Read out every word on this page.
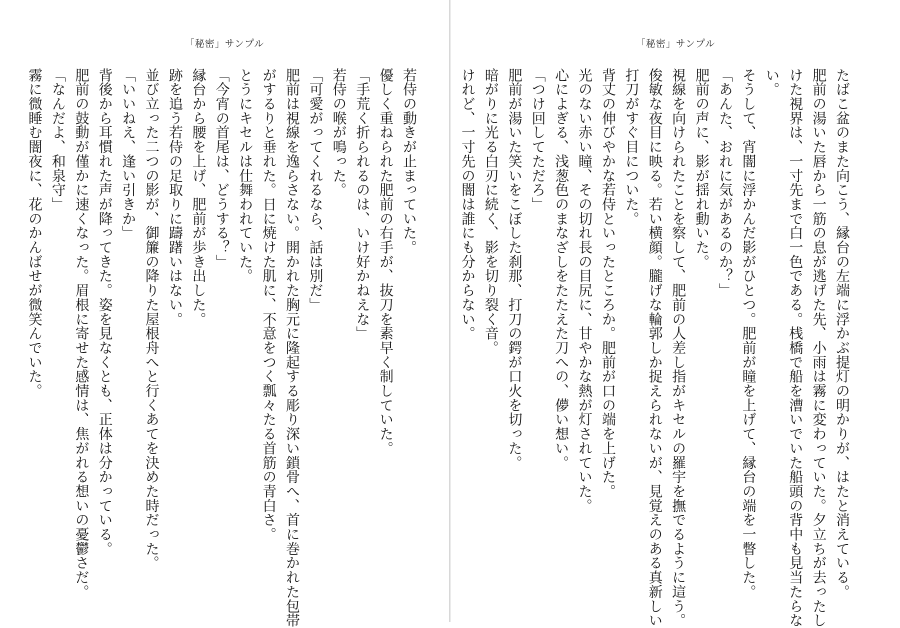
「秘密」サンプル
若侍の動きが止まっていた。
優しく重ねられた肥前の右手が、抜刀を素早く制していた。
「手荒く折られるのは、いけ好かねえな」
若侍の喉が鳴った。
「可愛がってくれるなら、話は別だ」
肥前は視線を逸らさない。開かれた胸元に隆起する彫り深い鎖骨へ、首に巻かれた包帯
がするりと垂れた。日に焼けた肌に、不意をつく瓢々たる首筋の青白さ。
とうにキセルは仕舞われていた。
「今宵の首尾は、どうする？」
縁台から腰を上げ、肥前が歩き出した。
跡を追う若侍の足取りに躊躇いはない。
並び立った二つの影が、御簾の降りた屋根舟へと行くあてを決めた時だった。
「いいねえ、逢い引きか」
背後から耳慣れた声が降ってきた。姿を見なくとも、正体は分かっている。
肥前の鼓動が僅かに速くなった。眉根に寄せた感情は、焦がれる想いの憂鬱さだ。
「なんだよ、和泉守」
霧に微睡む闇夜に、花のかんばせが微笑んでいた。
「秘密」サンプル
たばこ盆のまた向こう、縁台の左端に浮かぶ提灯の明かりが、はたと消えている。
肥前の湯いた唇から一筋の息が逃げた先、小雨は霧に変わっていた。夕立ちが去ったし
けた視界は、一寸先まで白一色である。桟橋で船を漕いでいた船頭の背中も見当たらな
い。
そうして、宵闇に浮かんだ影がひとつ。肥前が瞳を上げて、縁台の端を一瞥した。
「あんた、おれに気があるのか？」
肥前の声に、影が揺れ動いた。
視線を向けられたことを察して、肥前の人差し指がキセルの羅宇を撫でるように這う。
俊敏な夜目に映る。若い横顔。朧げな輪郭しか捉えられないが、見覚えのある真新しい
打刀がすぐ目についた。
背丈の伸びやかな若侍といったところか。肥前が口の端を上げた。
光のない赤い瞳、その切れ長の目尻に、甘やかな熱が灯されていた。
心によぎる、浅葱色のまなざしをたたえた刀への、儚い想い。
「つけ回してただろ」
肥前が湯いた笑いをこぼした刹那、打刀の鍔が口火を切った。
暗がりに光る白刃に続く、影を切り裂く音。
けれど、一寸先の闇は誰にも分からない。
